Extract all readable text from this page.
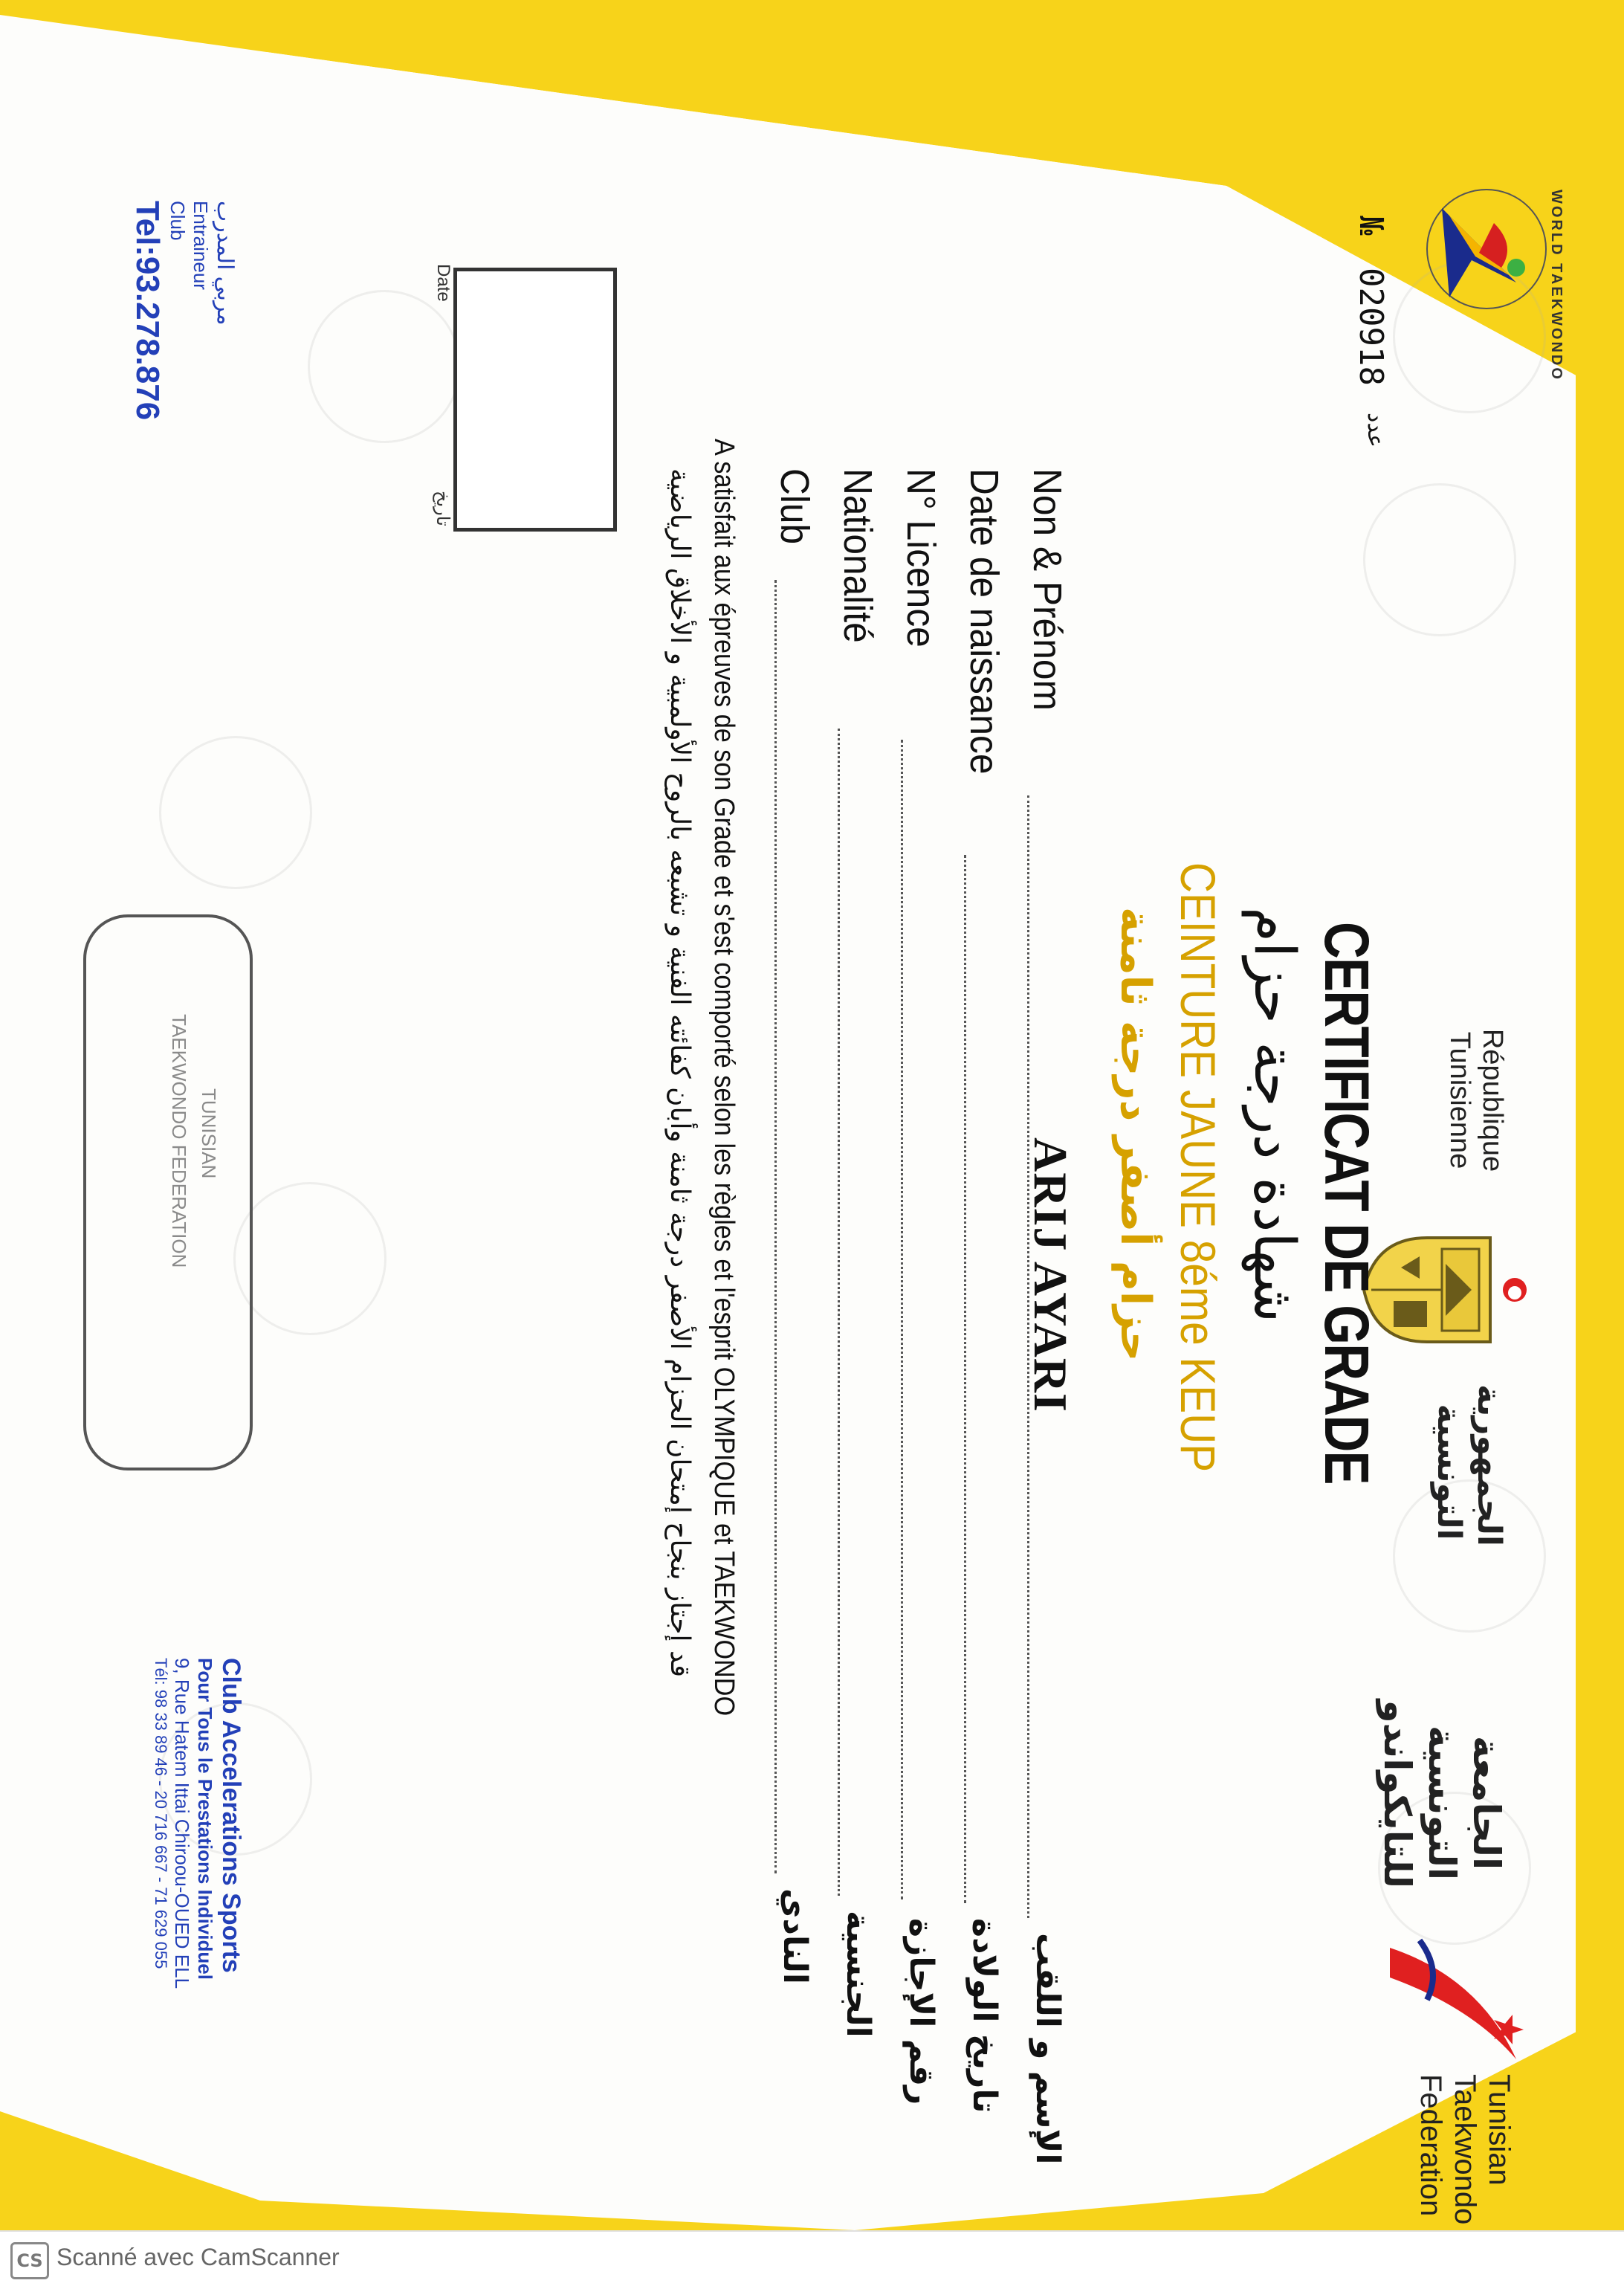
WORLD TAEKWONDO
№
020918
عدد
Date
تاريخ
République
Tunisienne
الجمهورية
التونسية
الجامعة
التونسية
للتايكواندو
Tunisian
Taekwondo
Federation
CERTIFICAT DE GRADE
شهادة درجة حزام
CEINTURE JAUNE 8éme KEUP
حزام أصفر درجة ثامنة
Non & Prénom
Date de naissance
N° Licence
Nationalité
Club
ARIJ AYARI
الإسم و اللقب
تاريخ الولادة
رقم الإجازة
الجنسية
النادي
A satisfait aux épreuves de son Grade et s'est comporté selon les règles et l'esprit OLYMPIQUE et TAEKWONDO
قد إجتاز بنجاح إمتحان الحزام الأصفر درجة ثامنة وأبان كفائته الفنية و تشبعه بالروح الأولمبية و الأخلاق الرياضية
مربي المدرب
Entraineur
Club
Tel:93.278.876
TUNISIAN
TAEKWONDO FEDERATION
Club Accelerations Sports
Pour Tous le Prestations Individuel
9, Rue Hatem Ittai Chiroou-OUED ELL
Tél: 98 33 89 46 - 20 716 667 - 71 629 055
CS Scanné avec CamScanner
